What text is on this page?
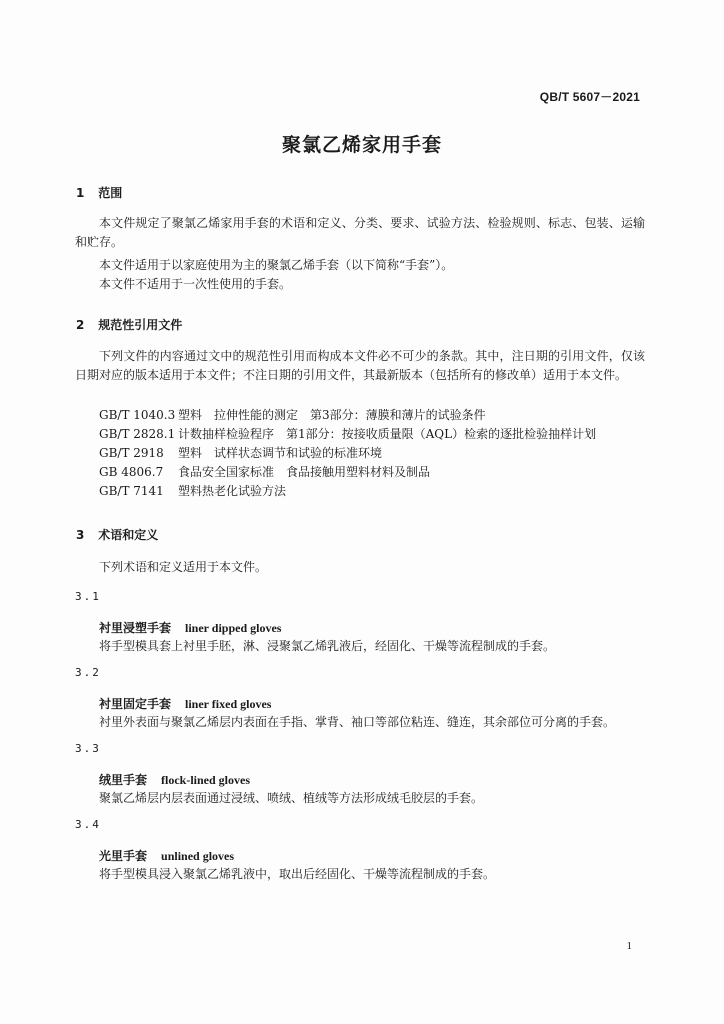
QB/T 5607－2021
聚氯乙烯家用手套
1 范围
本文件规定了聚氯乙烯家用手套的术语和定义、分类、要求、试验方法、检验规则、标志、包装、运输和贮存。
本文件适用于以家庭使用为主的聚氯乙烯手套（以下简称“手套”）。
本文件不适用于一次性使用的手套。
2 规范性引用文件
下列文件的内容通过文中的规范性引用而构成本文件必不可少的条款。其中，注日期的引用文件，仅该日期对应的版本适用于本文件；不注日期的引用文件，其最新版本（包括所有的修改单）适用于本文件。
GB/T 1040.3 塑料　拉伸性能的测定　第3部分：薄膜和薄片的试验条件
GB/T 2828.1 计数抽样检验程序　第1部分：按接收质量限（AQL）检索的逐批检验抽样计划
GB/T 2918 塑料　试样状态调节和试验的标准环境
GB 4806.7 食品安全国家标准　食品接触用塑料材料及制品
GB/T 7141 塑料热老化试验方法
3 术语和定义
下列术语和定义适用于本文件。
3.1
衬里浸塑手套 liner dipped gloves
将手型模具套上衬里手胚，淋、浸聚氯乙烯乳液后，经固化、干燥等流程制成的手套。
3.2
衬里固定手套 liner fixed gloves
衬里外表面与聚氯乙烯层内表面在手指、掌背、袖口等部位粘连、缝连，其余部位可分离的手套。
3.3
绒里手套 flock-lined gloves
聚氯乙烯层内层表面通过浸绒、喷绒、植绒等方法形成绒毛胶层的手套。
3.4
光里手套 unlined gloves
将手型模具浸入聚氯乙烯乳液中，取出后经固化、干燥等流程制成的手套。
1
